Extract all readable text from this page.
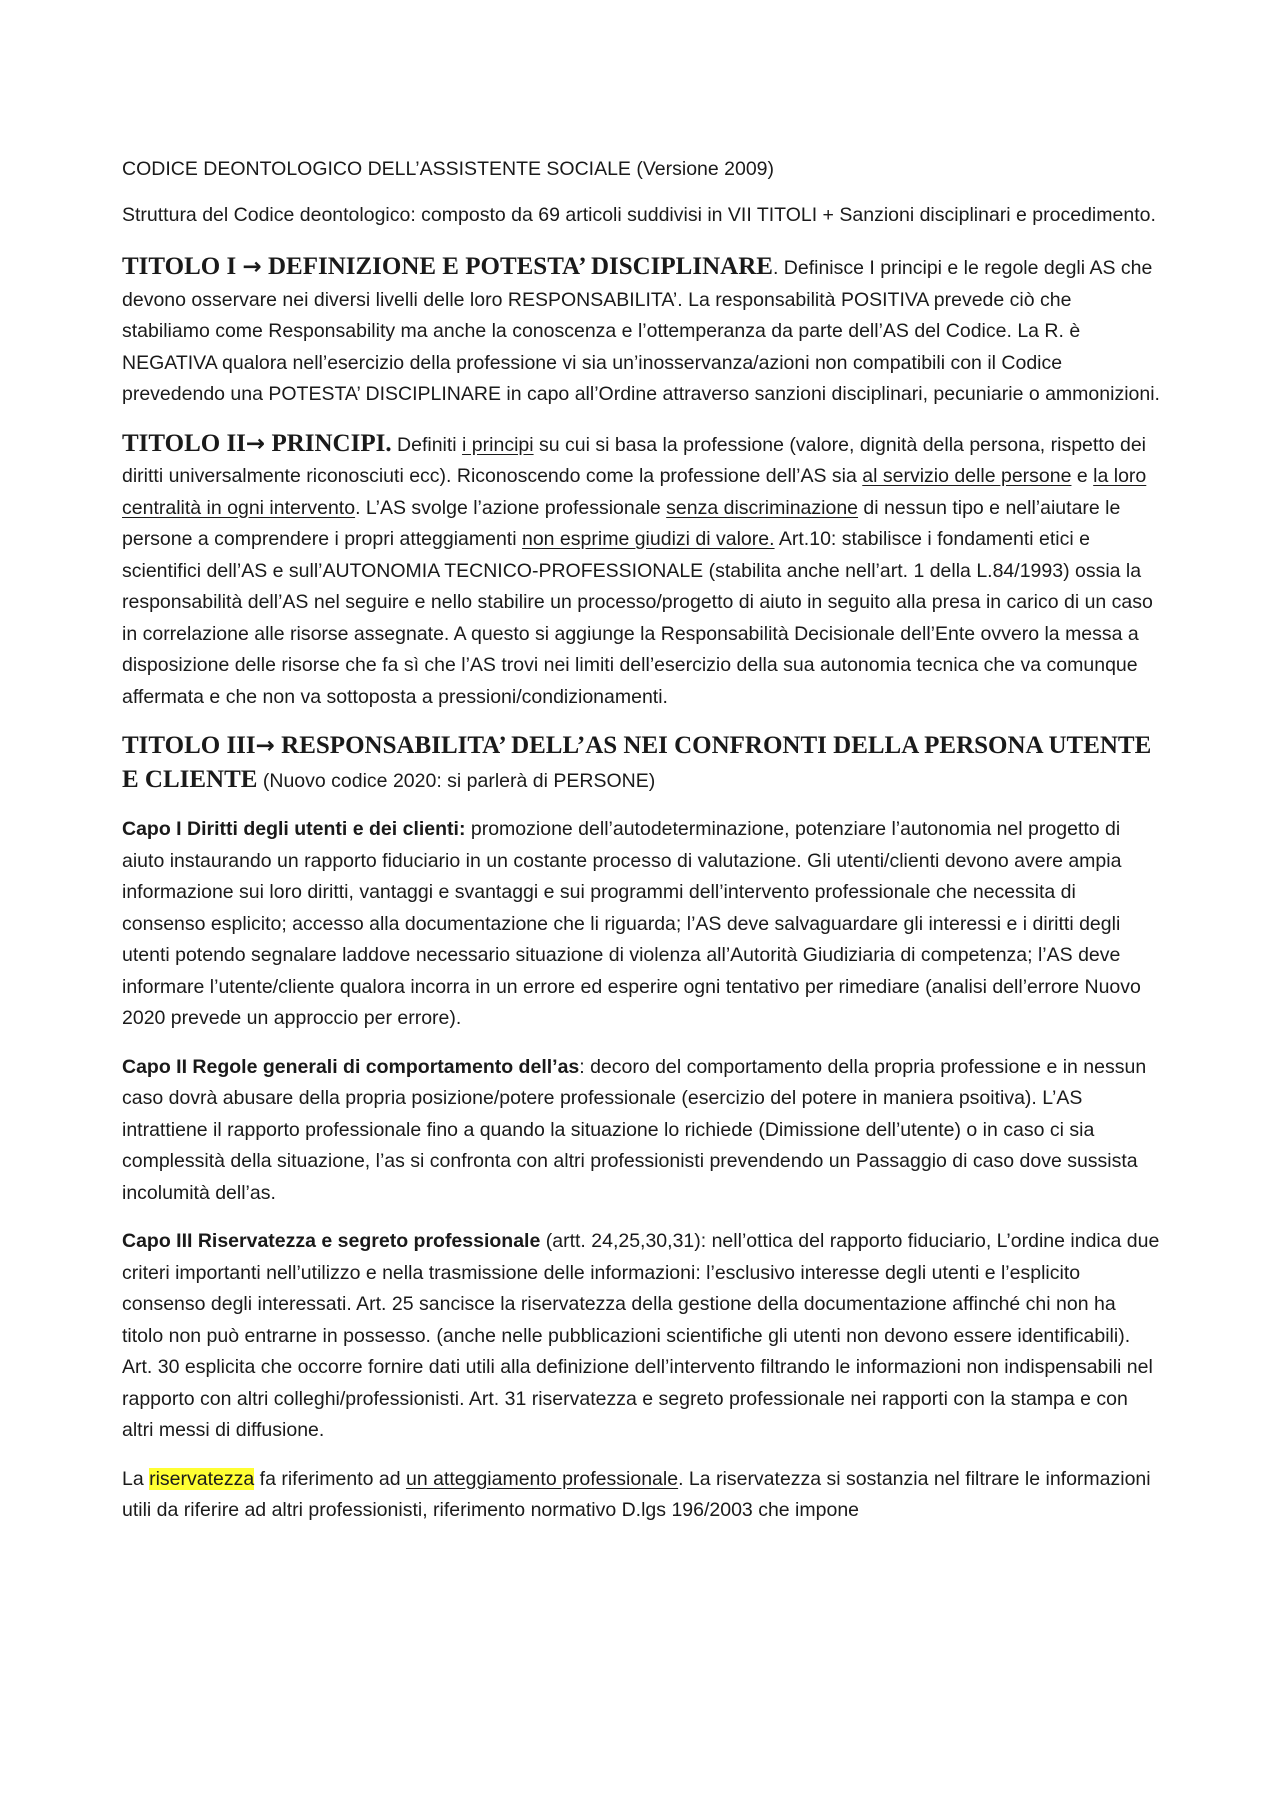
CODICE DEONTOLOGICO DELL’ASSISTENTE SOCIALE (Versione 2009)

Struttura del Codice deontologico: composto da 69 articoli suddivisi in VII TITOLI + Sanzioni disciplinari e procedimento.

TITOLO I → DEFINIZIONE E POTESTA’ DISCIPLINARE. Definisce I principi e le regole degli AS che devono osservare nei diversi livelli delle loro RESPONSABILITA’. La responsabilità POSITIVA prevede ciò che stabiliamo come Responsability ma anche la conoscenza e l’ottemperanza da parte dell’AS del Codice. La R. è NEGATIVA qualora nell’esercizio della professione vi sia un’inosservanza/azioni non compatibili con il Codice prevedendo una POTESTA’ DISCIPLINARE in capo all’Ordine attraverso sanzioni disciplinari, pecuniarie o ammonizioni.

TITOLO II→ PRINCIPI. Definiti i principi su cui si basa la professione (valore, dignità della persona, rispetto dei diritti universalmente riconosciuti ecc). Riconoscendo come la professione dell’AS sia al servizio delle persone e la loro centralità in ogni intervento. L’AS svolge l’azione professionale senza discriminazione di nessun tipo e nell’aiutare le persone a comprendere i propri atteggiamenti non esprime giudizi di valore. Art.10: stabilisce i fondamenti etici e scientifici dell’AS e sull’AUTONOMIA TECNICO-PROFESSIONALE (stabilita anche nell’art. 1 della L.84/1993) ossia la responsabilità dell’AS nel seguire e nello stabilire un processo/progetto di aiuto in seguito alla presa in carico di un caso in correlazione alle risorse assegnate. A questo si aggiunge la Responsabilità Decisionale dell’Ente ovvero la messa a disposizione delle risorse che fa sì che l’AS trovi nei limiti dell’esercizio della sua autonomia tecnica che va comunque affermata e che non va sottoposta a pressioni/condizionamenti.

TITOLO III→ RESPONSABILITA’ DELL’AS NEI CONFRONTI DELLA PERSONA UTENTE E CLIENTE (Nuovo codice 2020: si parlerà di PERSONE)

Capo I Diritti degli utenti e dei clienti: promozione dell’autodeterminazione, potenziare l’autonomia nel progetto di aiuto instaurando un rapporto fiduciario in un costante processo di valutazione. Gli utenti/clienti devono avere ampia informazione sui loro diritti, vantaggi e svantaggi e sui programmi dell’intervento professionale che necessita di consenso esplicito; accesso alla documentazione che li riguarda; l’AS deve salvaguardare gli interessi e i diritti degli utenti potendo segnalare laddove necessario situazione di violenza all’Autorità Giudiziaria di competenza; l’AS deve informare l’utente/cliente qualora incorra in un errore ed esperire ogni tentativo per rimediare (analisi dell’errore Nuovo 2020 prevede un approccio per errore).

Capo II Regole generali di comportamento dell’as: decoro del comportamento della propria professione e in nessun caso dovrà abusare della propria posizione/potere professionale (esercizio del potere in maniera psoitiva). L’AS intrattiene il rapporto professionale fino a quando la situazione lo richiede (Dimissione dell’utente) o in caso ci sia complessità della situazione, l’as si confronta con altri professionisti prevendendo un Passaggio di caso dove sussista incolumità dell’as.

Capo III Riservatezza e segreto professionale (artt. 24,25,30,31): nell’ottica del rapporto fiduciario, L’ordine indica due criteri importanti nell’utilizzo e nella trasmissione delle informazioni: l’esclusivo interesse degli utenti e l’esplicito consenso degli interessati. Art. 25 sancisce la riservatezza della gestione della documentazione affinché chi non ha titolo non può entrarne in possesso. (anche nelle pubblicazioni scientifiche gli utenti non devono essere identificabili). Art. 30 esplicita che occorre fornire dati utili alla definizione dell’intervento filtrando le informazioni non indispensabili nel rapporto con altri colleghi/professionisti. Art. 31 riservatezza e segreto professionale nei rapporti con la stampa e con altri messi di diffusione.

La riservatezza fa riferimento ad un atteggiamento professionale. La riservatezza si sostanzia nel filtrare le informazioni utili da riferire ad altri professionisti, riferimento normativo D.lgs 196/2003 che impone
